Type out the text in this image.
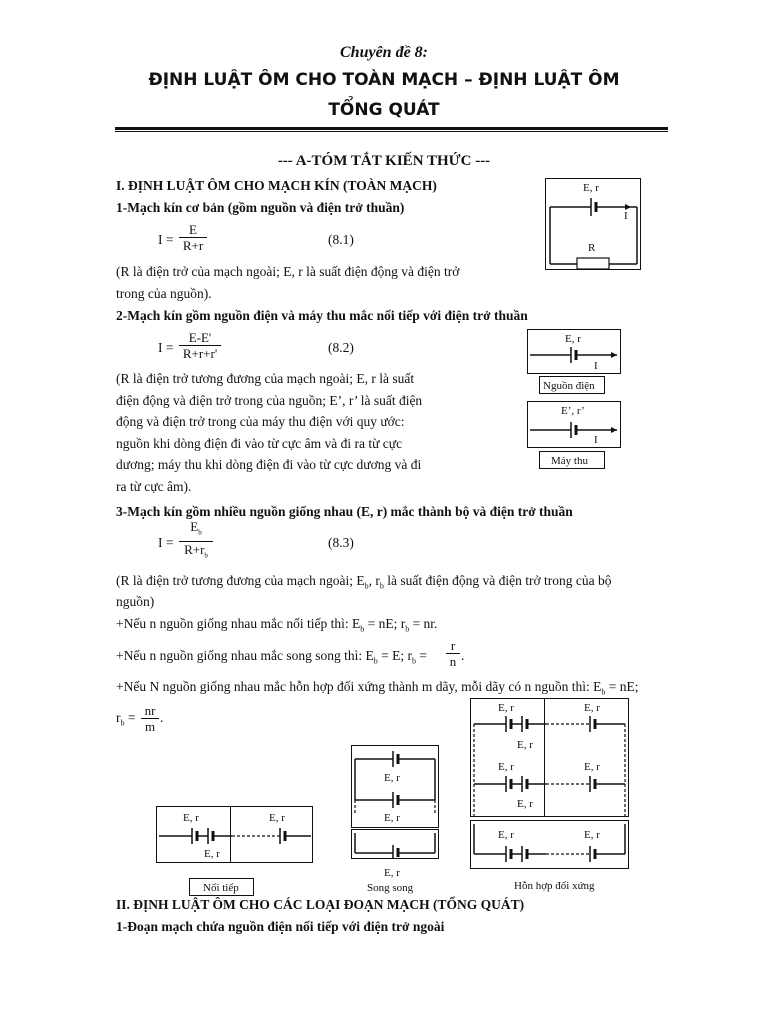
Chuyên đề 8:
ĐỊNH LUẬT ÔM CHO TOÀN MẠCH – ĐỊNH LUẬT ÔM
TỔNG QUÁT
--- A-TÓM TẮT KIẾN THỨC ---
I. ĐỊNH LUẬT ÔM CHO MẠCH KÍN (TOÀN MẠCH)
1-Mạch kín cơ bản (gồm nguồn và điện trở thuần)
$I = \frac{E}{R+r}$	(8.1)
(R là điện trở của mạch ngoài; E, r là suất điện động và điện trở
trong của nguồn).
2-Mạch kín gồm nguồn điện và máy thu mắc nối tiếp với điện trở thuần
$I = \frac{E-E'}{R+r+r'}$	(8.2)
(R là điện trở tương đương của mạch ngoài; E, r là suất
điện động và điện trở trong của nguồn; E’, r’ là suất điện
động và điện trở trong của máy thu điện với quy ước:
nguồn khi dòng điện đi vào từ cực âm và đi ra từ cực
dương; máy thu khi dòng điện đi vào từ cực dương và đi
ra từ cực âm).
3-Mạch kín gồm nhiều nguồn giống nhau (E, r) mắc thành bộ và điện trở thuần
$I = \frac{E_b}{R+r_b}$	(8.3)
(R là điện trở tương đương của mạch ngoài; $E_b$, $r_b$ là suất điện động và điện trở trong của bộ
nguồn)
+Nếu n nguồn giống nhau mắc nối tiếp thì: $E_b$ = nE; $r_b$ = nr.
+Nếu n nguồn giống nhau mắc song song thì: $E_b = E$; $r_b = \frac{r}{n}$ .
+Nếu N nguồn giống nhau mắc hỗn hợp đối xứng thành m dãy, mỗi dãy có n nguồn thì: $E_b$ = nE;
$r_b = \frac{nr}{m}$ .
E, r
I
R
E, r
I
Nguồn điện
E’, r’
I
Máy thu
E, r	E, r
E, r
Nối tiếp
E, r
E, r
E, r
Song song
E, r	E, r
E, r
E, r	E, r
E, r
E, r	E, r
Hỗn hợp đối xứng
II. ĐỊNH LUẬT ÔM CHO CÁC LOẠI ĐOẠN MẠCH (TỔNG QUÁT)
1-Đoạn mạch chứa nguồn điện nối tiếp với điện trở ngoài
